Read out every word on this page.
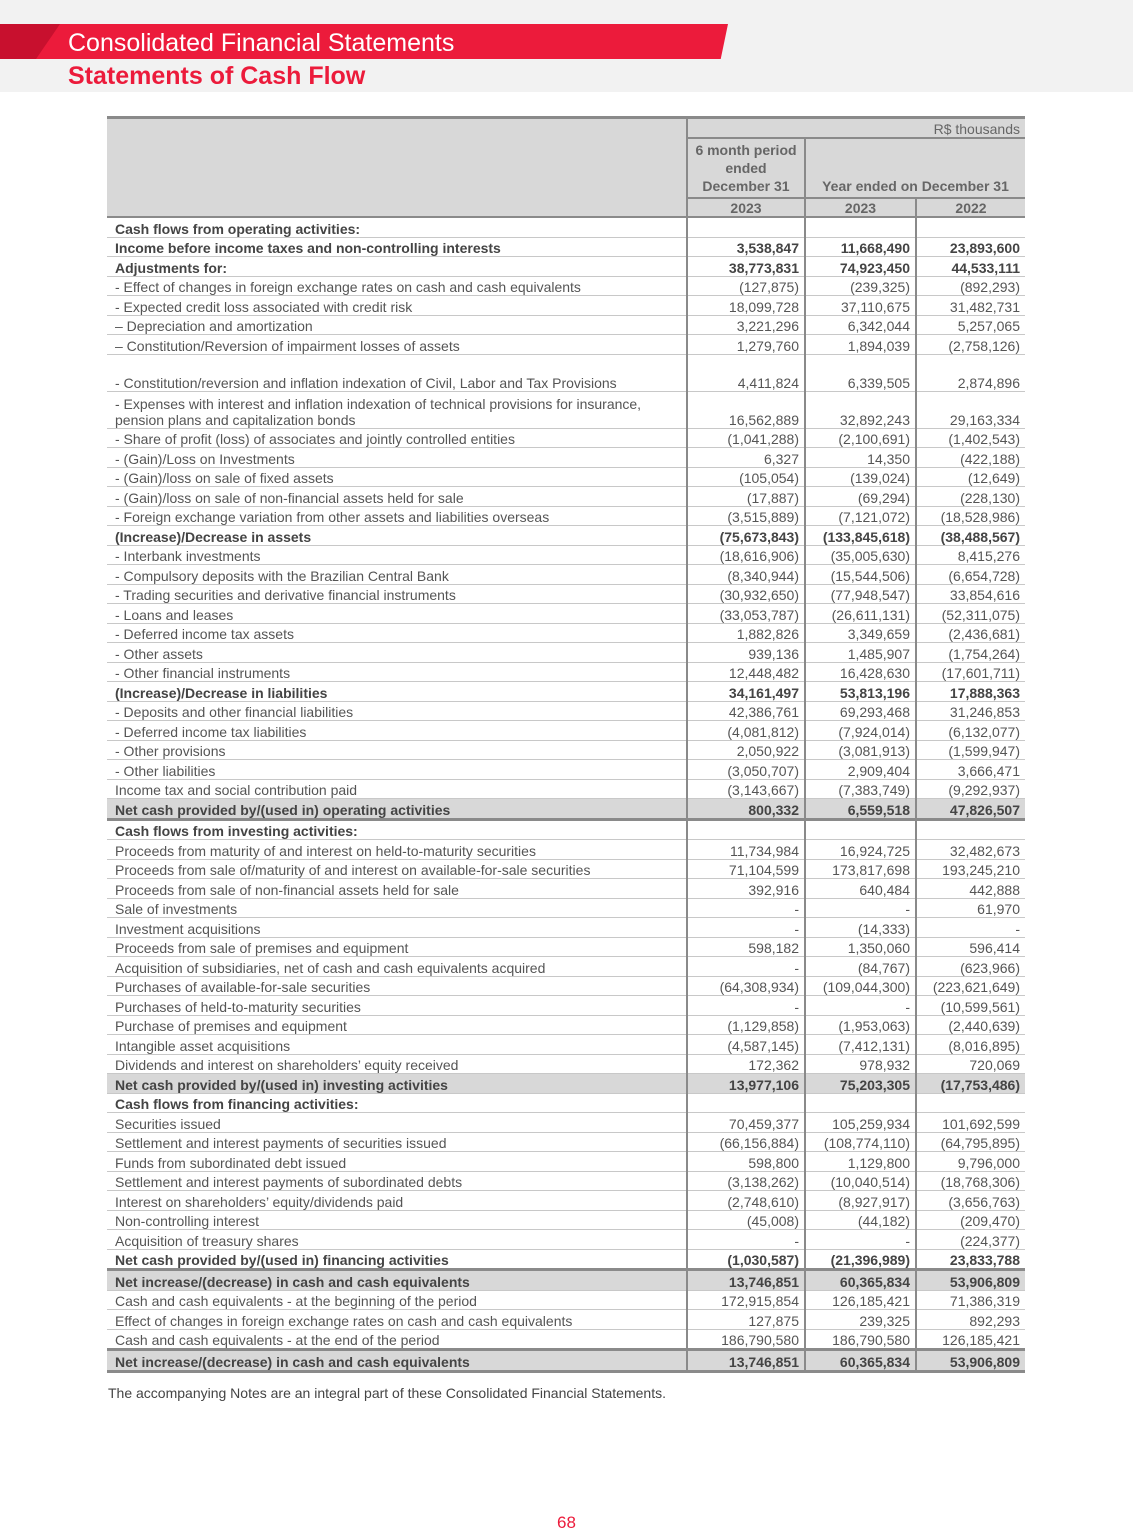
Consolidated Financial Statements
Statements of Cash Flow
	R$ thousands		
	6 month period ended December 31	Year ended on December 31	
	2023	2023	2022
Cash flows from operating activities:			
Income before income taxes and non-controlling interests	3,538,847	11,668,490	23,893,600
Adjustments for:	38,773,831	74,923,450	44,533,111
- Effect of changes in foreign exchange rates on cash and cash equivalents	(127,875)	(239,325)	(892,293)
- Expected credit loss associated with credit risk	18,099,728	37,110,675	31,482,731
– Depreciation and amortization	3,221,296	6,342,044	5,257,065
– Constitution/Reversion of impairment losses of assets	1,279,760	1,894,039	(2,758,126)
- Constitution/reversion and inflation indexation of Civil, Labor and Tax Provisions	4,411,824	6,339,505	2,874,896
- Expenses with interest and inflation indexation of technical provisions for insurance, pension plans and capitalization bonds	16,562,889	32,892,243	29,163,334
- Share of profit (loss) of associates and jointly controlled entities	(1,041,288)	(2,100,691)	(1,402,543)
- (Gain)/Loss on Investments	6,327	14,350	(422,188)
- (Gain)/loss on sale of fixed assets	(105,054)	(139,024)	(12,649)
- (Gain)/loss on sale of non-financial assets held for sale	(17,887)	(69,294)	(228,130)
- Foreign exchange variation from other assets and liabilities overseas	(3,515,889)	(7,121,072)	(18,528,986)
(Increase)/Decrease in assets	(75,673,843)	(133,845,618)	(38,488,567)
- Interbank investments	(18,616,906)	(35,005,630)	8,415,276
- Compulsory deposits with the Brazilian Central Bank	(8,340,944)	(15,544,506)	(6,654,728)
- Trading securities and derivative financial instruments	(30,932,650)	(77,948,547)	33,854,616
- Loans and leases	(33,053,787)	(26,611,131)	(52,311,075)
- Deferred income tax assets	1,882,826	3,349,659	(2,436,681)
- Other assets	939,136	1,485,907	(1,754,264)
- Other financial instruments	12,448,482	16,428,630	(17,601,711)
(Increase)/Decrease in liabilities	34,161,497	53,813,196	17,888,363
- Deposits and other financial liabilities	42,386,761	69,293,468	31,246,853
- Deferred income tax liabilities	(4,081,812)	(7,924,014)	(6,132,077)
- Other provisions	2,050,922	(3,081,913)	(1,599,947)
- Other liabilities	(3,050,707)	2,909,404	3,666,471
Income tax and social contribution paid	(3,143,667)	(7,383,749)	(9,292,937)
Net cash provided by/(used in) operating activities	800,332	6,559,518	47,826,507
Cash flows from investing activities:			
Proceeds from maturity of and interest on held-to-maturity securities	11,734,984	16,924,725	32,482,673
Proceeds from sale of/maturity of and interest on available-for-sale securities	71,104,599	173,817,698	193,245,210
Proceeds from sale of non-financial assets held for sale	392,916	640,484	442,888
Sale of investments	-	-	61,970
Investment acquisitions	-	(14,333)	-
Proceeds from sale of premises and equipment	598,182	1,350,060	596,414
Acquisition of subsidiaries, net of cash and cash equivalents acquired	-	(84,767)	(623,966)
Purchases of available-for-sale securities	(64,308,934)	(109,044,300)	(223,621,649)
Purchases of held-to-maturity securities	-	-	(10,599,561)
Purchase of premises and equipment	(1,129,858)	(1,953,063)	(2,440,639)
Intangible asset acquisitions	(4,587,145)	(7,412,131)	(8,016,895)
Dividends and interest on shareholders’ equity received	172,362	978,932	720,069
Net cash provided by/(used in) investing activities	13,977,106	75,203,305	(17,753,486)
Cash flows from financing activities:			
Securities issued	70,459,377	105,259,934	101,692,599
Settlement and interest payments of securities issued	(66,156,884)	(108,774,110)	(64,795,895)
Funds from subordinated debt issued	598,800	1,129,800	9,796,000
Settlement and interest payments of subordinated debts	(3,138,262)	(10,040,514)	(18,768,306)
Interest on shareholders’ equity/dividends paid	(2,748,610)	(8,927,917)	(3,656,763)
Non-controlling interest	(45,008)	(44,182)	(209,470)
Acquisition of treasury shares	-	-	(224,377)
Net cash provided by/(used in) financing activities	(1,030,587)	(21,396,989)	23,833,788
Net increase/(decrease) in cash and cash equivalents	13,746,851	60,365,834	53,906,809
Cash and cash equivalents - at the beginning of the period	172,915,854	126,185,421	71,386,319
Effect of changes in foreign exchange rates on cash and cash equivalents	127,875	239,325	892,293
Cash and cash equivalents - at the end of the period	186,790,580	186,790,580	126,185,421
Net increase/(decrease) in cash and cash equivalents	13,746,851	60,365,834	53,906,809
The accompanying Notes are an integral part of these Consolidated Financial Statements.
68
